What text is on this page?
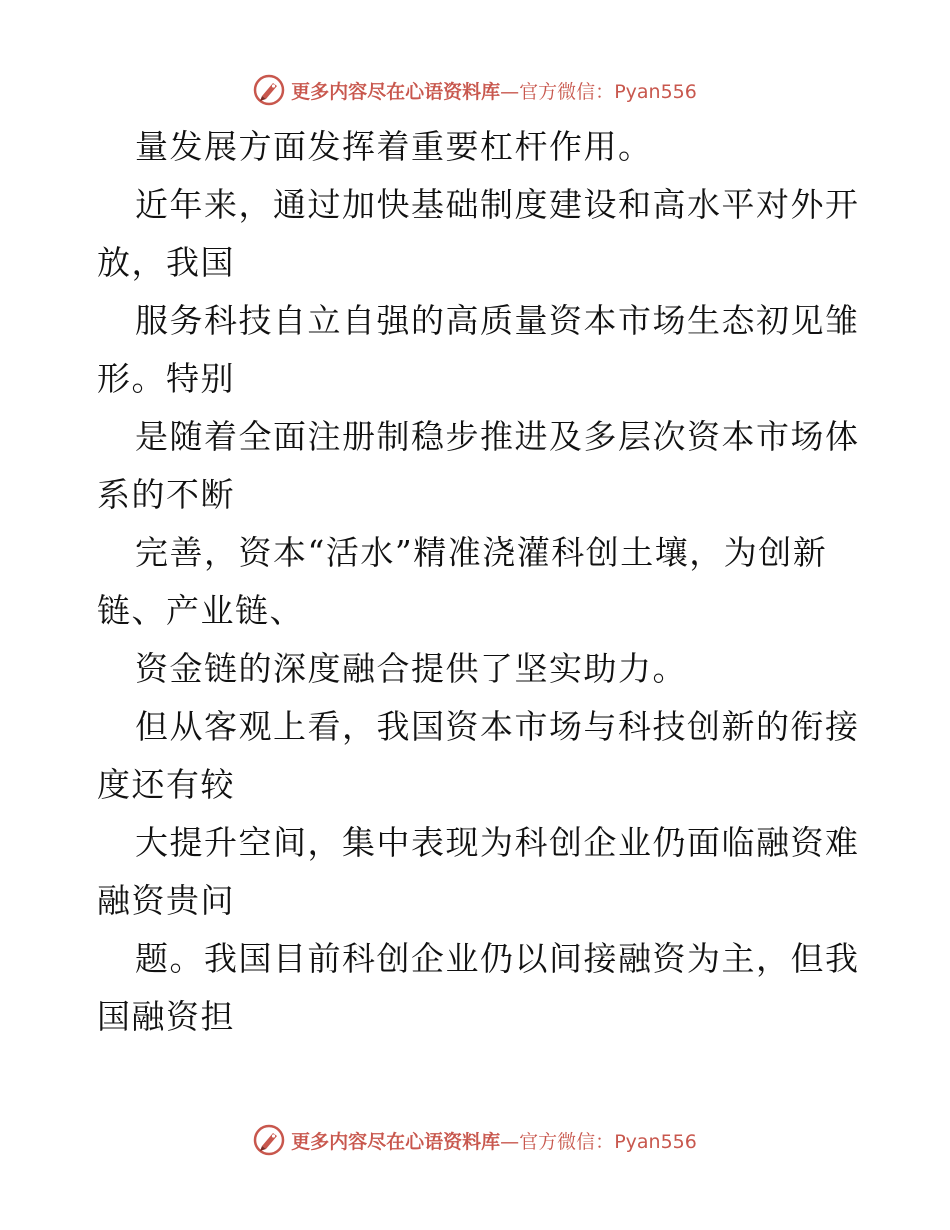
更多内容尽在心语资料库—官方微信：Pyan556
量发展方面发挥着重要杠杆作用。
近年来，通过加快基础制度建设和高水平对外开
放，我国
服务科技自立自强的高质量资本市场生态初见雏
形。特别
是随着全面注册制稳步推进及多层次资本市场体
系的不断
完善，资本“活水”精准浇灌科创土壤，为创新
链、产业链、
资金链的深度融合提供了坚实助力。
但从客观上看，我国资本市场与科技创新的衔接
度还有较
大提升空间，集中表现为科创企业仍面临融资难
融资贵问
题。我国目前科创企业仍以间接融资为主，但我
国融资担
更多内容尽在心语资料库—官方微信：Pyan556
